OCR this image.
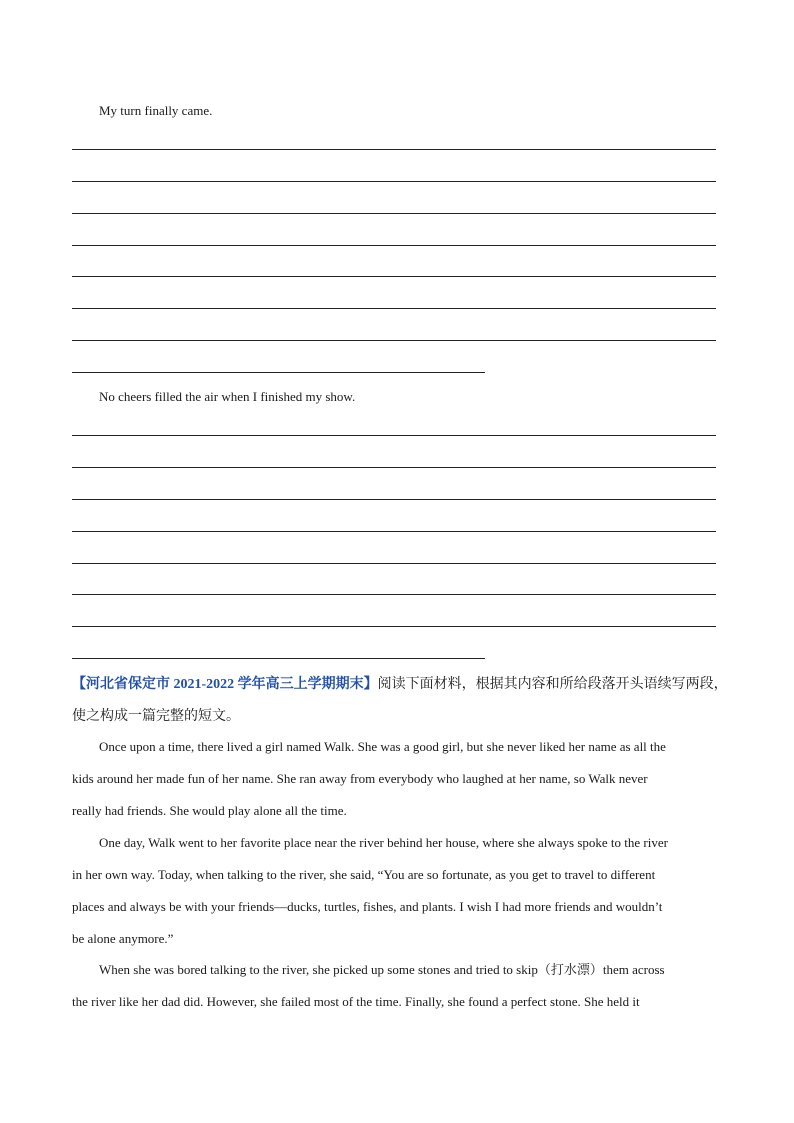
My turn finally came.
No cheers filled the air when I finished my show.
【河北省保定市 2021-2022 学年高三上学期期末】阅读下面材料，根据其内容和所给段落开头语续写两段，
使之构成一篇完整的短文。
Once upon a time, there lived a girl named Walk. She was a good girl, but she never liked her name as all the
kids around her made fun of her name. She ran away from everybody who laughed at her name, so Walk never
really had friends. She would play alone all the time.
One day, Walk went to her favorite place near the river behind her house, where she always spoke to the river
in her own way. Today, when talking to the river, she said, “You are so fortunate, as you get to travel to different
places and always be with your friends—ducks, turtles, fishes, and plants. I wish I had more friends and wouldn’t
be alone anymore.”
When she was bored talking to the river, she picked up some stones and tried to skip（打水漂）them across
the river like her dad did. However, she failed most of the time. Finally, she found a perfect stone. She held it
